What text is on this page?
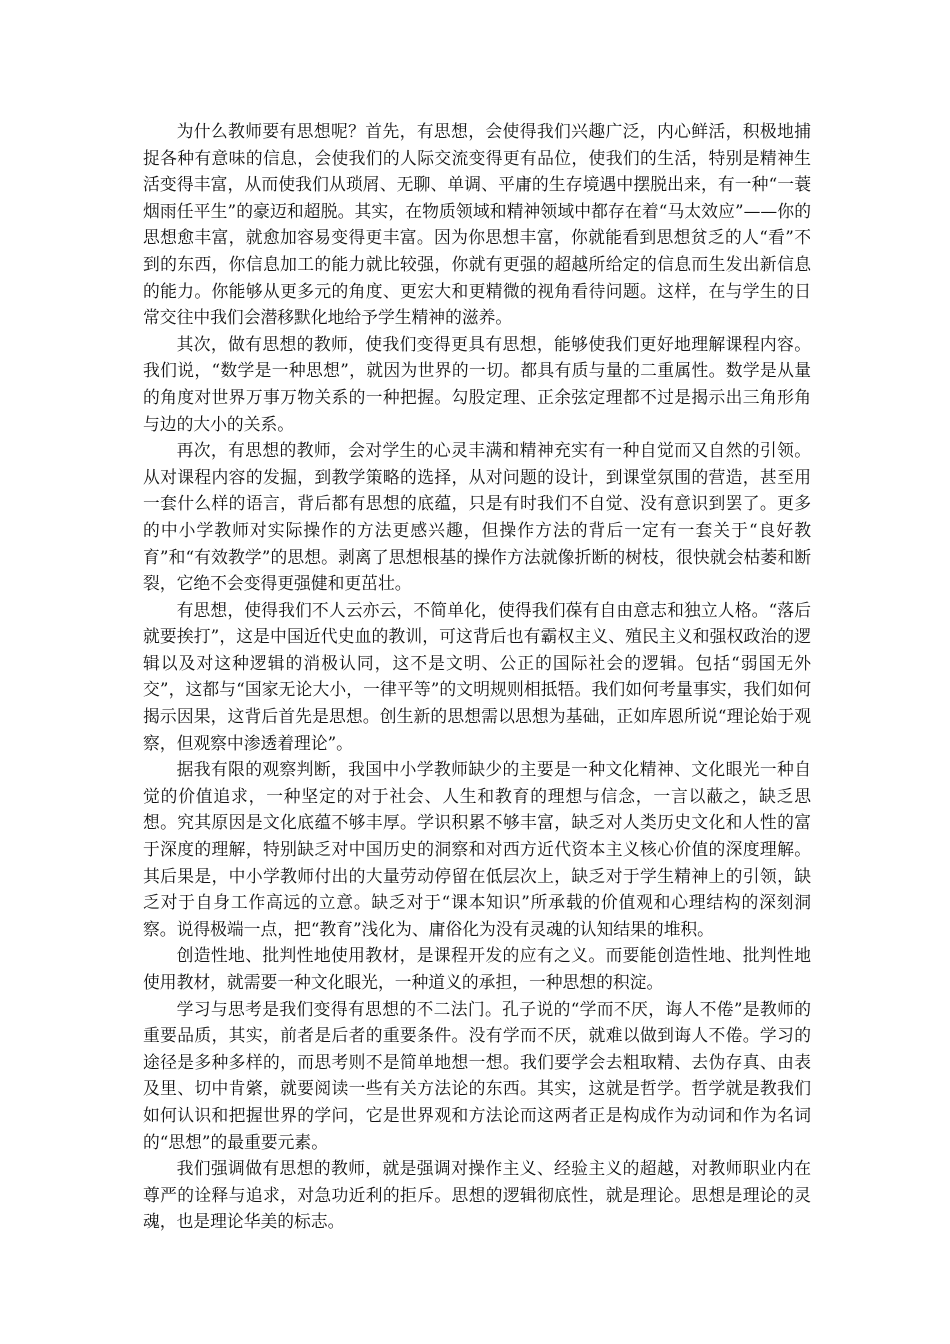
为什么教师要有思想呢？首先，有思想，会使得我们兴趣广泛，内心鲜活，积极地捕捉各种有意味的信息，会使我们的人际交流变得更有品位，使我们的生活，特别是精神生活变得丰富，从而使我们从琐屑、无聊、单调、平庸的生存境遇中摆脱出来，有一种“一蓑烟雨任平生”的豪迈和超脱。其实，在物质领域和精神领域中都存在着“马太效应”——你的思想愈丰富，就愈加容易变得更丰富。因为你思想丰富，你就能看到思想贫乏的人“看”不到的东西，你信息加工的能力就比较强，你就有更强的超越所给定的信息而生发出新信息的能力。你能够从更多元的角度、更宏大和更精微的视角看待问题。这样，在与学生的日常交往中我们会潜移默化地给予学生精神的滋养。

其次，做有思想的教师，使我们变得更具有思想，能够使我们更好地理解课程内容。我们说，“数学是一种思想”，就因为世界的一切。都具有质与量的二重属性。数学是从量的角度对世界万事万物关系的一种把握。勾股定理、正余弦定理都不过是揭示出三角形角与边的大小的关系。

再次，有思想的教师，会对学生的心灵丰满和精神充实有一种自觉而又自然的引领。从对课程内容的发掘，到教学策略的选择，从对问题的设计，到课堂氛围的营造，甚至用一套什么样的语言，背后都有思想的底蕴，只是有时我们不自觉、没有意识到罢了。更多的中小学教师对实际操作的方法更感兴趣，但操作方法的背后一定有一套关于“良好教育”和“有效教学”的思想。剥离了思想根基的操作方法就像折断的树枝，很快就会枯萎和断裂，它绝不会变得更强健和更茁壮。

有思想，使得我们不人云亦云，不简单化，使得我们葆有自由意志和独立人格。“落后就要挨打”，这是中国近代史血的教训，可这背后也有霸权主义、殖民主义和强权政治的逻辑以及对这种逻辑的消极认同，这不是文明、公正的国际社会的逻辑。包括“弱国无外交”，这都与“国家无论大小，一律平等”的文明规则相抵牾。我们如何考量事实，我们如何揭示因果，这背后首先是思想。创生新的思想需以思想为基础，正如库恩所说“理论始于观察，但观察中渗透着理论”。

据我有限的观察判断，我国中小学教师缺少的主要是一种文化精神、文化眼光一种自觉的价值追求，一种坚定的对于社会、人生和教育的理想与信念，一言以蔽之，缺乏思想。究其原因是文化底蕴不够丰厚。学识积累不够丰富，缺乏对人类历史文化和人性的富于深度的理解，特别缺乏对中国历史的洞察和对西方近代资本主义核心价值的深度理解。其后果是，中小学教师付出的大量劳动停留在低层次上，缺乏对于学生精神上的引领，缺乏对于自身工作高远的立意。缺乏对于“课本知识”所承载的价值观和心理结构的深刻洞察。说得极端一点，把“教育”浅化为、庸俗化为没有灵魂的认知结果的堆积。

创造性地、批判性地使用教材，是课程开发的应有之义。而要能创造性地、批判性地使用教材，就需要一种文化眼光，一种道义的承担，一种思想的积淀。

学习与思考是我们变得有思想的不二法门。孔子说的“学而不厌，诲人不倦”是教师的重要品质，其实，前者是后者的重要条件。没有学而不厌，就难以做到诲人不倦。学习的途径是多种多样的，而思考则不是简单地想一想。我们要学会去粗取精、去伪存真、由表及里、切中肯綮，就要阅读一些有关方法论的东西。其实，这就是哲学。哲学就是教我们如何认识和把握世界的学问，它是世界观和方法论而这两者正是构成作为动词和作为名词的“思想”的最重要元素。

我们强调做有思想的教师，就是强调对操作主义、经验主义的超越，对教师职业内在尊严的诠释与追求，对急功近利的拒斥。思想的逻辑彻底性，就是理论。思想是理论的灵魂，也是理论华美的标志。
